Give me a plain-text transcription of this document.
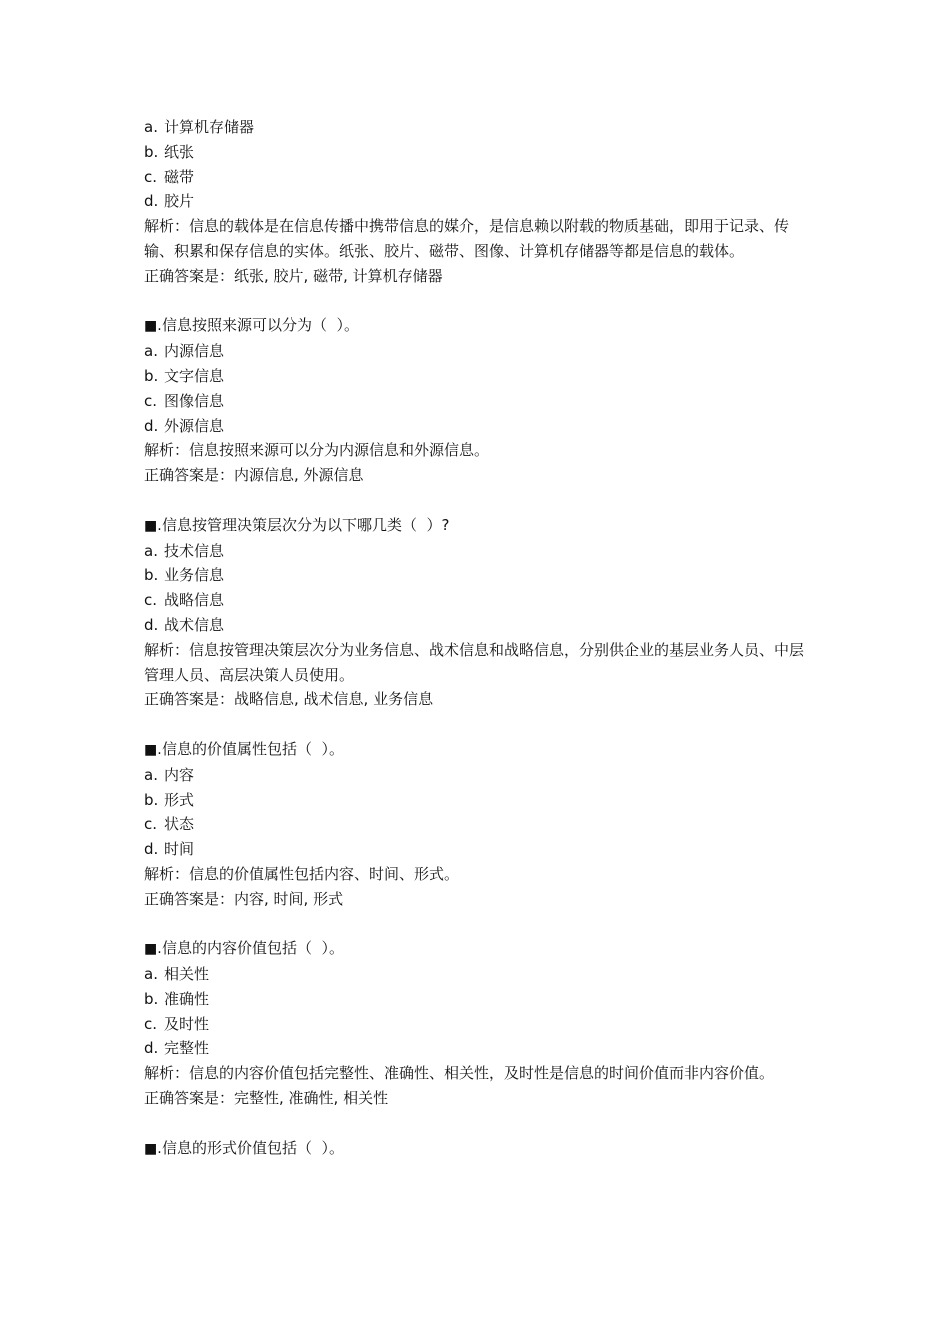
a. 计算机存储器
b. 纸张
c. 磁带
d. 胶片
解析：信息的载体是在信息传播中携带信息的媒介，是信息赖以附载的物质基础，即用于记录、传输、积累和保存信息的实体。纸张、胶片、磁带、图像、计算机存储器等都是信息的载体。
正确答案是：纸张, 胶片, 磁带, 计算机存储器
■.信息按照来源可以分为（  ）。
a. 内源信息
b. 文字信息
c. 图像信息
d. 外源信息
解析：信息按照来源可以分为内源信息和外源信息。
正确答案是：内源信息, 外源信息
■.信息按管理决策层次分为以下哪几类（  ）?
a. 技术信息
b. 业务信息
c. 战略信息
d. 战术信息
解析：信息按管理决策层次分为业务信息、战术信息和战略信息，分别供企业的基层业务人员、中层管理人员、高层决策人员使用。
正确答案是：战略信息, 战术信息, 业务信息
■.信息的价值属性包括（  ）。
a. 内容
b. 形式
c. 状态
d. 时间
解析：信息的价值属性包括内容、时间、形式。
正确答案是：内容, 时间, 形式
■.信息的内容价值包括（  ）。
a. 相关性
b. 准确性
c. 及时性
d. 完整性
解析：信息的内容价值包括完整性、准确性、相关性，及时性是信息的时间价值而非内容价值。
正确答案是：完整性, 准确性, 相关性
■.信息的形式价值包括（  ）。
